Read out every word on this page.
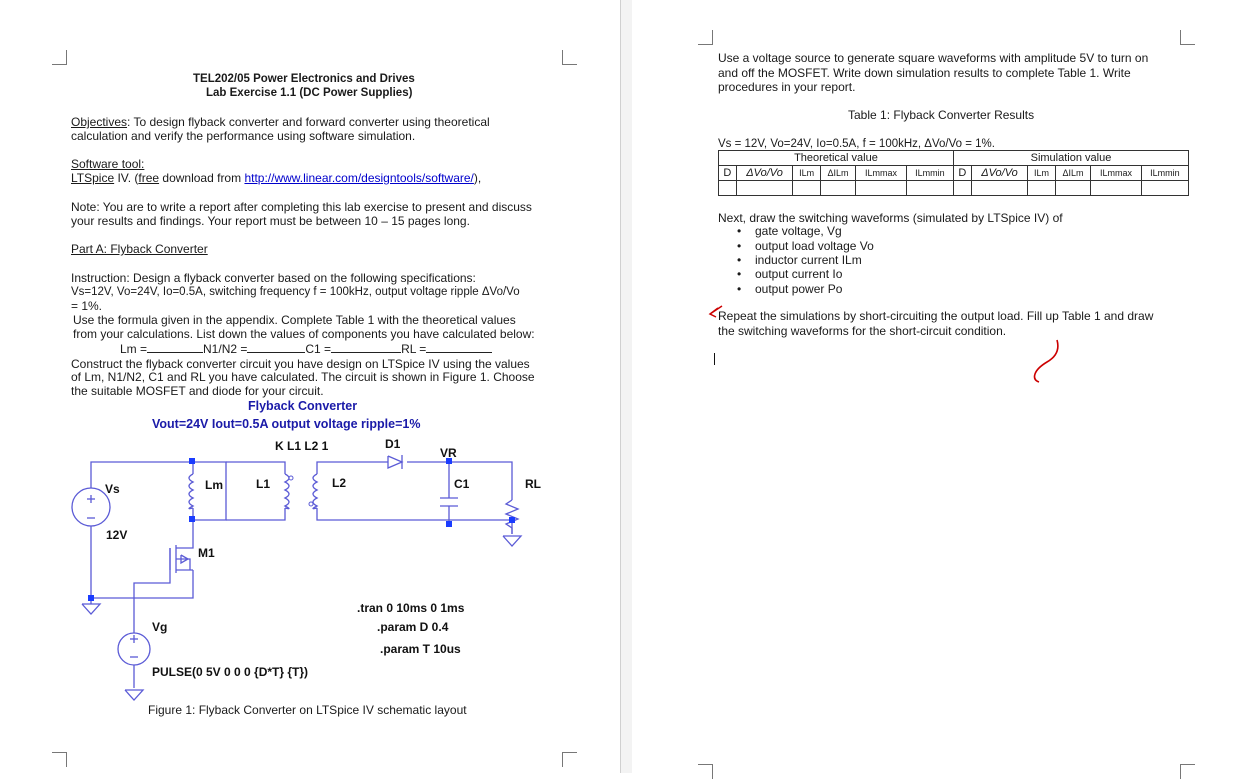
TEL202/05 Power Electronics and Drives
Lab Exercise 1.1 (DC Power Supplies)
Objectives: To design flyback converter and forward converter using theoretical
calculation and verify the performance using software simulation.
Software tool:
LTSpice IV. (free download from http://www.linear.com/designtools/software/),
Note: You are to write a report after completing this lab exercise to present and discuss
your results and findings. Your report must be between 10 – 15 pages long.
Part A: Flyback Converter
Instruction: Design a flyback converter based on the following specifications:
Vs=12V, Vo=24V, Io=0.5A, switching frequency f = 100kHz, output voltage ripple ΔVo/Vo
= 1%.
Use the formula given in the appendix. Complete Table 1 with the theoretical values
from your calculations. List down the values of components you have calculated below:
Lm =	N1/N2 =	C1 =	RL =
Construct the flyback converter circuit you have design on LTSpice IV using the values
of Lm, N1/N2, C1 and RL you have calculated. The circuit is shown in Figure 1. Choose
the suitable MOSFET and diode for your circuit.
Flyback Converter
Vout=24V Iout=0.5A output voltage ripple=1%
K L1 L2 1	D1
VR
Vs	Lm	L1	L2	C1	RL
12V
M1
Vg
.tran 0 10ms 0 1ms
.param D 0.4
.param T 10us
PULSE(0 5V 0 0 0 {D*T} {T})
Figure 1: Flyback Converter on LTSpice IV schematic layout
Use a voltage source to generate square waveforms with amplitude 5V to turn on
and off the MOSFET. Write down simulation results to complete Table 1. Write
procedures in your report.
Table 1: Flyback Converter Results
Vs = 12V, Vo=24V, Io=0.5A, f = 100kHz, ΔVo/Vo = 1%.
Theoretical value						Simulation value					
D	ΔVo/Vo	ILm	ΔILm	ILmmax	ILmmin	D	ΔVo/Vo	ILm	ΔILm	ILmmax	ILmmin

Next, draw the switching waveforms (simulated by LTSpice IV) of
• gate voltage, Vg
• output load voltage Vo
• inductor current ILm
• output current Io
• output power Po
Repeat the simulations by short-circuiting the output load. Fill up Table 1 and draw
the switching waveforms for the short-circuit condition.
